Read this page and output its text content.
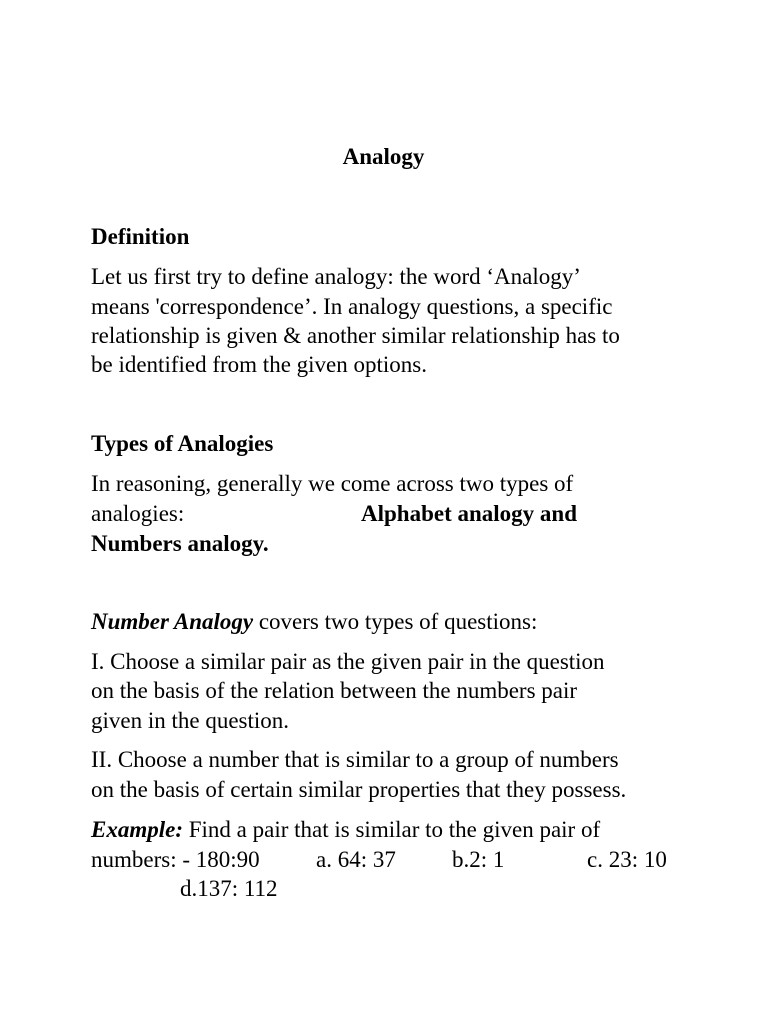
Analogy

Definition

Let us first try to define analogy: the word ‘Analogy’

means 'correspondence’. In analogy questions, a specific

relationship is given & another similar relationship has to

be identified from the given options.

Types of Analogies

In reasoning, generally we come across two types of

analogies:	Alphabet analogy and

Numbers analogy.

Number Analogy covers two types of questions:

I. Choose a similar pair as the given pair in the question

on the basis of the relation between the numbers pair

given in the question.

II. Choose a number that is similar to a group of numbers

on the basis of certain similar properties that they possess.

Example: Find a pair that is similar to the given pair of

numbers: - 180:90 a. 64: 37 b.2: 1	c. 23: 10

d.137: 112
